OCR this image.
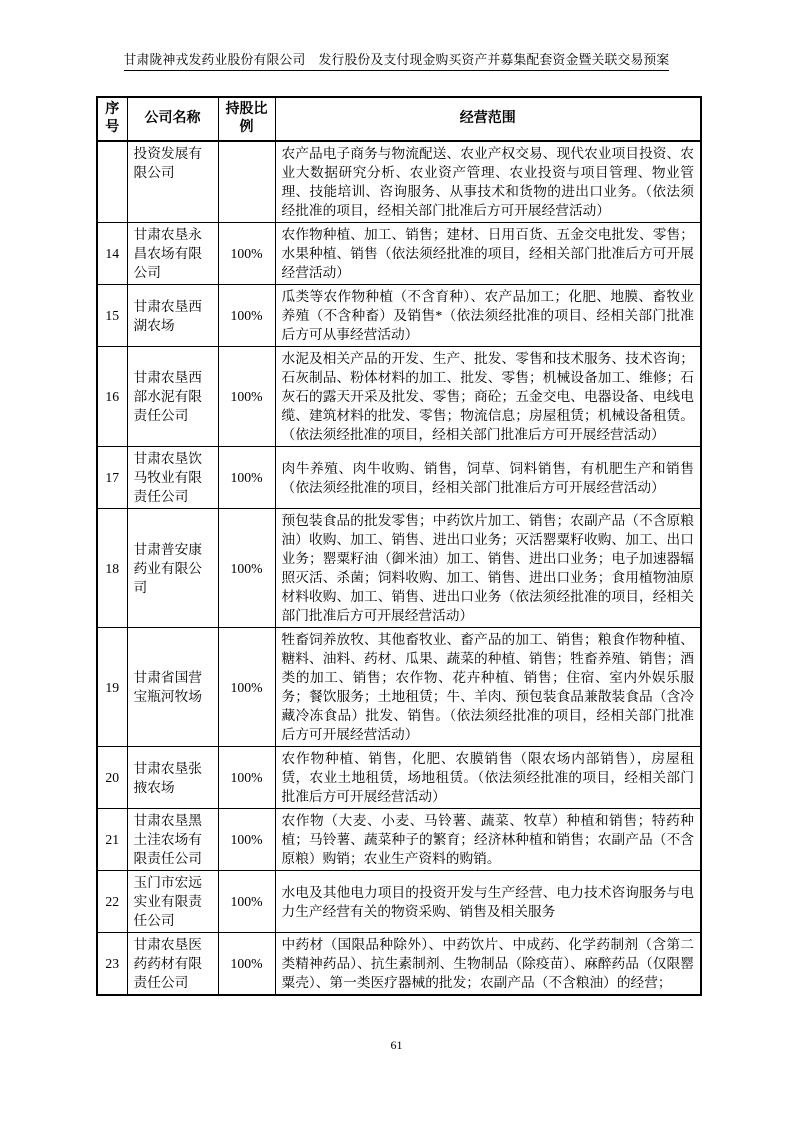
甘肃陇神戎发药业股份有限公司　发行股份及支付现金购买资产并募集配套资金暨关联交易预案
序号	公司名称	持股比例	经营范围
	投资发展有限公司		农产品电子商务与物流配送、农业产权交易、现代农业项目投资、农业大数据研究分析、农业资产管理、农业投资与项目管理、物业管理、技能培训、咨询服务、从事技术和货物的进出口业务。（依法须经批准的项目，经相关部门批准后方可开展经营活动）
14	甘肃农垦永昌农场有限公司	100%	农作物种植、加工、销售；建材、日用百货、五金交电批发、零售；水果种植、销售（依法须经批准的项目，经相关部门批准后方可开展经营活动）
15	甘肃农垦西湖农场	100%	瓜类等农作物种植（不含育种）、农产品加工；化肥、地膜、畜牧业养殖（不含种畜）及销售*（依法须经批准的项目、经相关部门批准后方可从事经营活动）
16	甘肃农垦西部水泥有限责任公司	100%	水泥及相关产品的开发、生产、批发、零售和技术服务、技术咨询；石灰制品、粉体材料的加工、批发、零售；机械设备加工、维修；石灰石的露天开采及批发、零售；商砼；五金交电、电器设备、电线电缆、建筑材料的批发、零售；物流信息；房屋租赁；机械设备租赁。（依法须经批准的项目，经相关部门批准后方可开展经营活动）
17	甘肃农垦饮马牧业有限责任公司	100%	肉牛养殖、肉牛收购、销售，饲草、饲料销售，有机肥生产和销售（依法须经批准的项目，经相关部门批准后方可开展经营活动）
18	甘肃普安康药业有限公司	100%	预包装食品的批发零售；中药饮片加工、销售；农副产品（不含原粮油）收购、加工、销售、进出口业务；灭活罂粟籽收购、加工、出口业务；罂粟籽油（御米油）加工、销售、进出口业务；电子加速器辐照灭活、杀菌；饲料收购、加工、销售、进出口业务；食用植物油原材料收购、加工、销售、进出口业务（依法须经批准的项目，经相关部门批准后方可开展经营活动）
19	甘肃省国营宝瓶河牧场	100%	牲畜饲养放牧、其他畜牧业、畜产品的加工、销售；粮食作物种植、糖料、油料、药材、瓜果、蔬菜的种植、销售；牲畜养殖、销售；酒类的加工、销售；农作物、花卉种植、销售；住宿、室内外娱乐服务；餐饮服务；土地租赁；牛、羊肉、预包装食品兼散装食品（含冷藏冷冻食品）批发、销售。（依法须经批准的项目，经相关部门批准后方可开展经营活动）
20	甘肃农垦张掖农场	100%	农作物种植、销售，化肥、农膜销售（限农场内部销售），房屋租赁，农业土地租赁，场地租赁。（依法须经批准的项目，经相关部门批准后方可开展经营活动）
21	甘肃农垦黑土洼农场有限责任公司	100%	农作物（大麦、小麦、马铃薯、蔬菜、牧草）种植和销售；特药种植；马铃薯、蔬菜种子的繁育；经济林种植和销售；农副产品（不含原粮）购销；农业生产资料的购销。
22	玉门市宏远实业有限责任公司	100%	水电及其他电力项目的投资开发与生产经营、电力技术咨询服务与电力生产经营有关的物资采购、销售及相关服务
23	甘肃农垦医药药材有限责任公司	100%	中药材（国限品种除外）、中药饮片、中成药、化学药制剂（含第二类精神药品）、抗生素制剂、生物制品（除疫苗）、麻醉药品（仅限罂粟壳）、第一类医疗器械的批发；农副产品（不含粮油）的经营；
61
